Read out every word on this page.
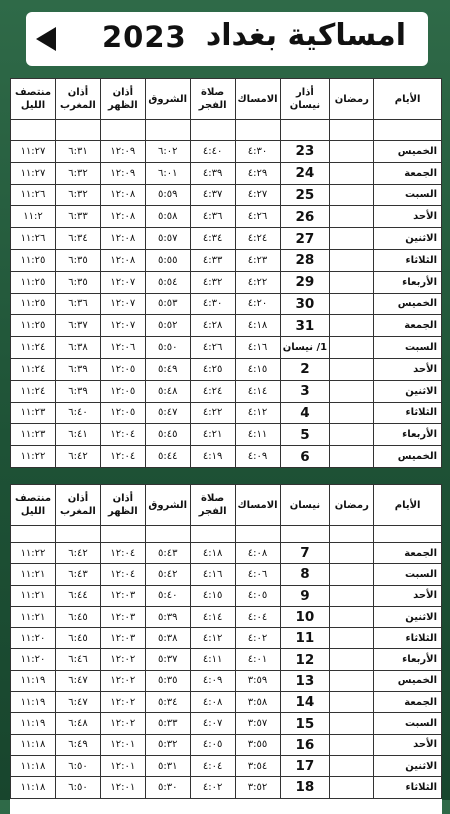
2023 امساكية بغداد
الأيام	رمضان	أذار نيسان	الامساك	صلاة الفجر	الشروق	أذان الظهر	أذان المغرب	منتصف الليل

الخميس		23	٤:٣٠	٤:٤٠	٦:٠٢	١٢:٠٩	٦:٣١	١١:٢٧
الجمعة		24	٤:٢٩	٤:٣٩	٦:٠١	١٢:٠٩	٦:٣٢	١١:٢٧
السبت		25	٤:٢٧	٤:٣٧	٥:٥٩	١٢:٠٨	٦:٣٢	١١:٢٦
الأحد		26	٤:٢٦	٤:٣٦	٥:٥٨	١٢:٠٨	٦:٣٣	١١:٢
الاثنين		27	٤:٢٤	٤:٣٤	٥:٥٧	١٢:٠٨	٦:٣٤	١١:٢٦
الثلاثاء		28	٤:٢٣	٤:٣٣	٥:٥٥	١٢:٠٨	٦:٣٥	١١:٢٥
الأربعاء		29	٤:٢٢	٤:٣٢	٥:٥٤	١٢:٠٧	٦:٣٥	١١:٢٥
الخميس		30	٤:٢٠	٤:٣٠	٥:٥٣	١٢:٠٧	٦:٣٦	١١:٢٥
الجمعة		31	٤:١٨	٤:٢٨	٥:٥٢	١٢:٠٧	٦:٣٧	١١:٢٥
السبت		1/ نيسان	٤:١٦	٤:٢٦	٥:٥٠	١٢:٠٦	٦:٣٨	١١:٢٤
الأحد		2	٤:١٥	٤:٢٥	٥:٤٩	١٢:٠٥	٦:٣٩	١١:٢٤
الاثنين		3	٤:١٤	٤:٢٤	٥:٤٨	١٢:٠٥	٦:٣٩	١١:٢٤
الثلاثاء		4	٤:١٢	٤:٢٢	٥:٤٧	١٢:٠٥	٦:٤٠	١١:٢٣
الأربعاء		5	٤:١١	٤:٢١	٥:٤٥	١٢:٠٤	٦:٤١	١١:٢٣
الخميس		6	٤:٠٩	٤:١٩	٥:٤٤	١٢:٠٤	٦:٤٢	١١:٢٢
الأيام	رمضان	نيسان	الامساك	صلاة الفجر	الشروق	أذان الظهر	أذان المغرب	منتصف الليل

الجمعة		7	٤:٠٨	٤:١٨	٥:٤٣	١٢:٠٤	٦:٤٢	١١:٢٢
السبت		8	٤:٠٦	٤:١٦	٥:٤٢	١٢:٠٤	٦:٤٣	١١:٢١
الأحد		9	٤:٠٥	٤:١٥	٥:٤٠	١٢:٠٣	٦:٤٤	١١:٢١
الاثنين		10	٤:٠٤	٤:١٤	٥:٣٩	١٢:٠٣	٦:٤٥	١١:٢١
الثلاثاء		11	٤:٠٢	٤:١٢	٥:٣٨	١٢:٠٣	٦:٤٥	١١:٢٠
الأربعاء		12	٤:٠١	٤:١١	٥:٣٧	١٢:٠٢	٦:٤٦	١١:٢٠
الخميس		13	٣:٥٩	٤:٠٩	٥:٣٥	١٢:٠٢	٦:٤٧	١١:١٩
الجمعة		14	٣:٥٨	٤:٠٨	٥:٣٤	١٢:٠٢	٦:٤٧	١١:١٩
السبت		15	٣:٥٧	٤:٠٧	٥:٣٣	١٢:٠٢	٦:٤٨	١١:١٩
الأحد		16	٣:٥٥	٤:٠٥	٥:٣٢	١٢:٠١	٦:٤٩	١١:١٨
الاثنين		17	٣:٥٤	٤:٠٤	٥:٣١	١٢:٠١	٦:٥٠	١١:١٨
الثلاثاء		18	٣:٥٢	٤:٠٢	٥:٣٠	١٢:٠١	٦:٥٠	١١:١٨
